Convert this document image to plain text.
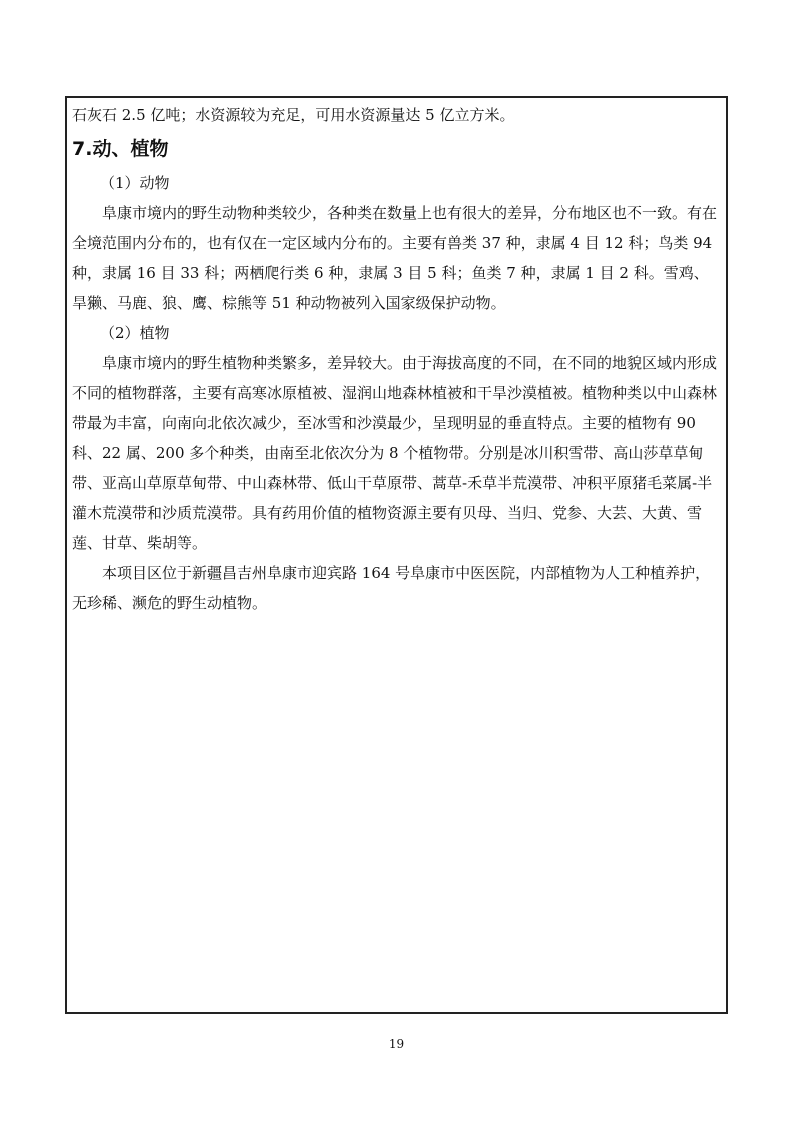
石灰石 2.5 亿吨；水资源较为充足，可用水资源量达 5 亿立方米。

7.动、植物

（1）动物

阜康市境内的野生动物种类较少，各种类在数量上也有很大的差异，分布地区也不一致。有在全境范围内分布的，也有仅在一定区域内分布的。主要有兽类 37 种，隶属 4 目 12 科；鸟类 94 种，隶属 16 目 33 科；两栖爬行类 6 种，隶属 3 目 5 科；鱼类 7 种，隶属 1 目 2 科。雪鸡、旱獭、马鹿、狼、鹰、棕熊等 51 种动物被列入国家级保护动物。

（2）植物

阜康市境内的野生植物种类繁多，差异较大。由于海拔高度的不同，在不同的地貌区域内形成不同的植物群落，主要有高寒冰原植被、湿润山地森林植被和干旱沙漠植被。植物种类以中山森林带最为丰富，向南向北依次减少，至冰雪和沙漠最少，呈现明显的垂直特点。主要的植物有 90 科、22 属、200 多个种类，由南至北依次分为 8 个植物带。分别是冰川积雪带、高山莎草草甸带、亚高山草原草甸带、中山森林带、低山干草原带、蒿草-禾草半荒漠带、冲积平原猪毛菜属-半灌木荒漠带和沙质荒漠带。具有药用价值的植物资源主要有贝母、当归、党参、大芸、大黄、雪莲、甘草、柴胡等。

本项目区位于新疆昌吉州阜康市迎宾路 164 号阜康市中医医院，内部植物为人工种植养护，无珍稀、濒危的野生动植物。

19
